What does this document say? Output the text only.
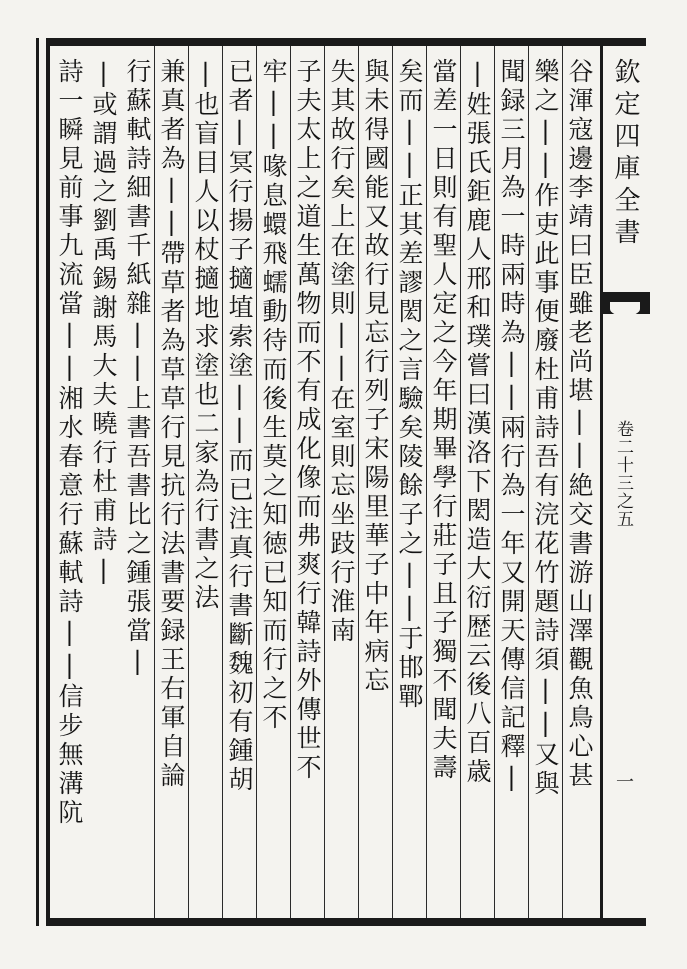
欽定四庫全書
卷二十三之五
一
谷渾寇邊李靖曰臣雖老尚堪||絶交書游山澤觀魚鳥心甚
樂之||作吏此事便廢杜甫詩吾有浣花竹題詩須||又與
聞録三月為一時兩時為||兩行為一年又開天傳信記釋|
|姓張氏鉅鹿人邢和璞嘗曰漢洛下閎造大衍歴云後八百歳
當差一日則有聖人定之今年期畢學行莊子且子獨不聞夫壽
矣而||正其差謬閎之言驗矣陵餘子之||于邯鄲
與未得國能又故行見忘行列子宋陽里華子中年病忘
失其故行矣上在塗則||在室則忘坐跂行淮南
子夫太上之道生萬物而不有成化像而弗爽行韓詩外傳世不
牢||喙息蠉飛蠕動待而後生莫之知徳已知而行之不
已者|冥行揚子擿埴索塗||而已注真行書斷魏初有鍾胡
|也盲目人以杖擿地求塗也二家為行書之法
兼真者為||帶草者為草草行見抗行法書要録王右軍自論
行蘇軾詩細書千紙雜||上書吾書比之鍾張當|
|或謂過之劉禹錫謝馬大夫曉行杜甫詩|
詩一瞬見前事九流當||湘水春意行蘇軾詩||信步無溝阬
